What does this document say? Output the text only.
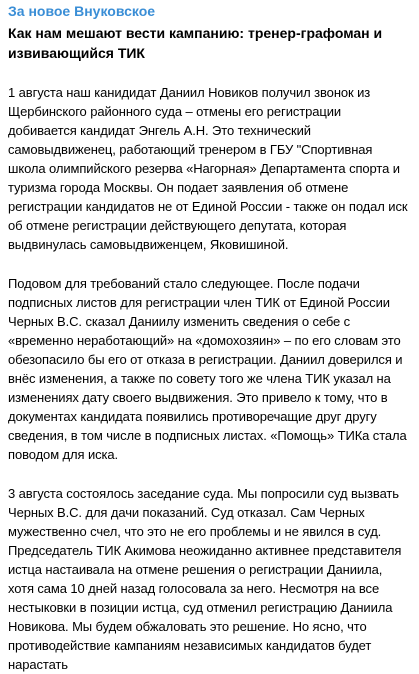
За новое Внуковское
Как нам мешают вести кампанию: тренер-графоман и извивающийся ТИК

1 августа наш канидидат Даниил Новиков получил звонок из Щербинского районного суда – отмены его регистрации добивается кандидат Энгель А.Н. Это технический самовыдвиженец, работающий тренером в ГБУ "Спортивная школа олимпийского резерва «Нагорная» Департамента спорта и туризма города Москвы. Он подает заявления об отмене регистрации кандидатов не от Единой России - также он подал иск об отмене регистрации действующего депутата, которая выдвинулась самовыдвиженцем, Яковишиной.

Подовом для требований стало следующее. После подачи подписных листов для регистрации член ТИК от Единой России Черных В.С. сказал Даниилу изменить сведения о себе с «временно неработающий» на «домохозяин» – по его словам это обезопасило бы его от отказа в регистрации. Даниил доверился и внёс изменения, а также по совету того же члена ТИК указал на изменениях дату своего выдвижения. Это привело к тому, что в документах кандидата появились противоречащие друг другу сведения, в том числе в подписных листах. «Помощь» ТИКа стала поводом для иска.

3 августа состоялось заседание суда. Мы попросили суд вызвать Черных В.С. для дачи показаний. Суд отказал. Сам Черных мужественно счел, что это не его проблемы и не явился в суд. Председатель ТИК Акимова неожиданно активнее представителя истца настаивала на отмене решения о регистрации Даниила, хотя сама 10 дней назад голосовала за него. Несмотря на все нестыковки в позиции истца, суд отменил регистрацию Даниила Новикова. Мы будем обжаловать это решение. Но ясно, что противодействие кампаниям независимых кандидатов будет нарастать
